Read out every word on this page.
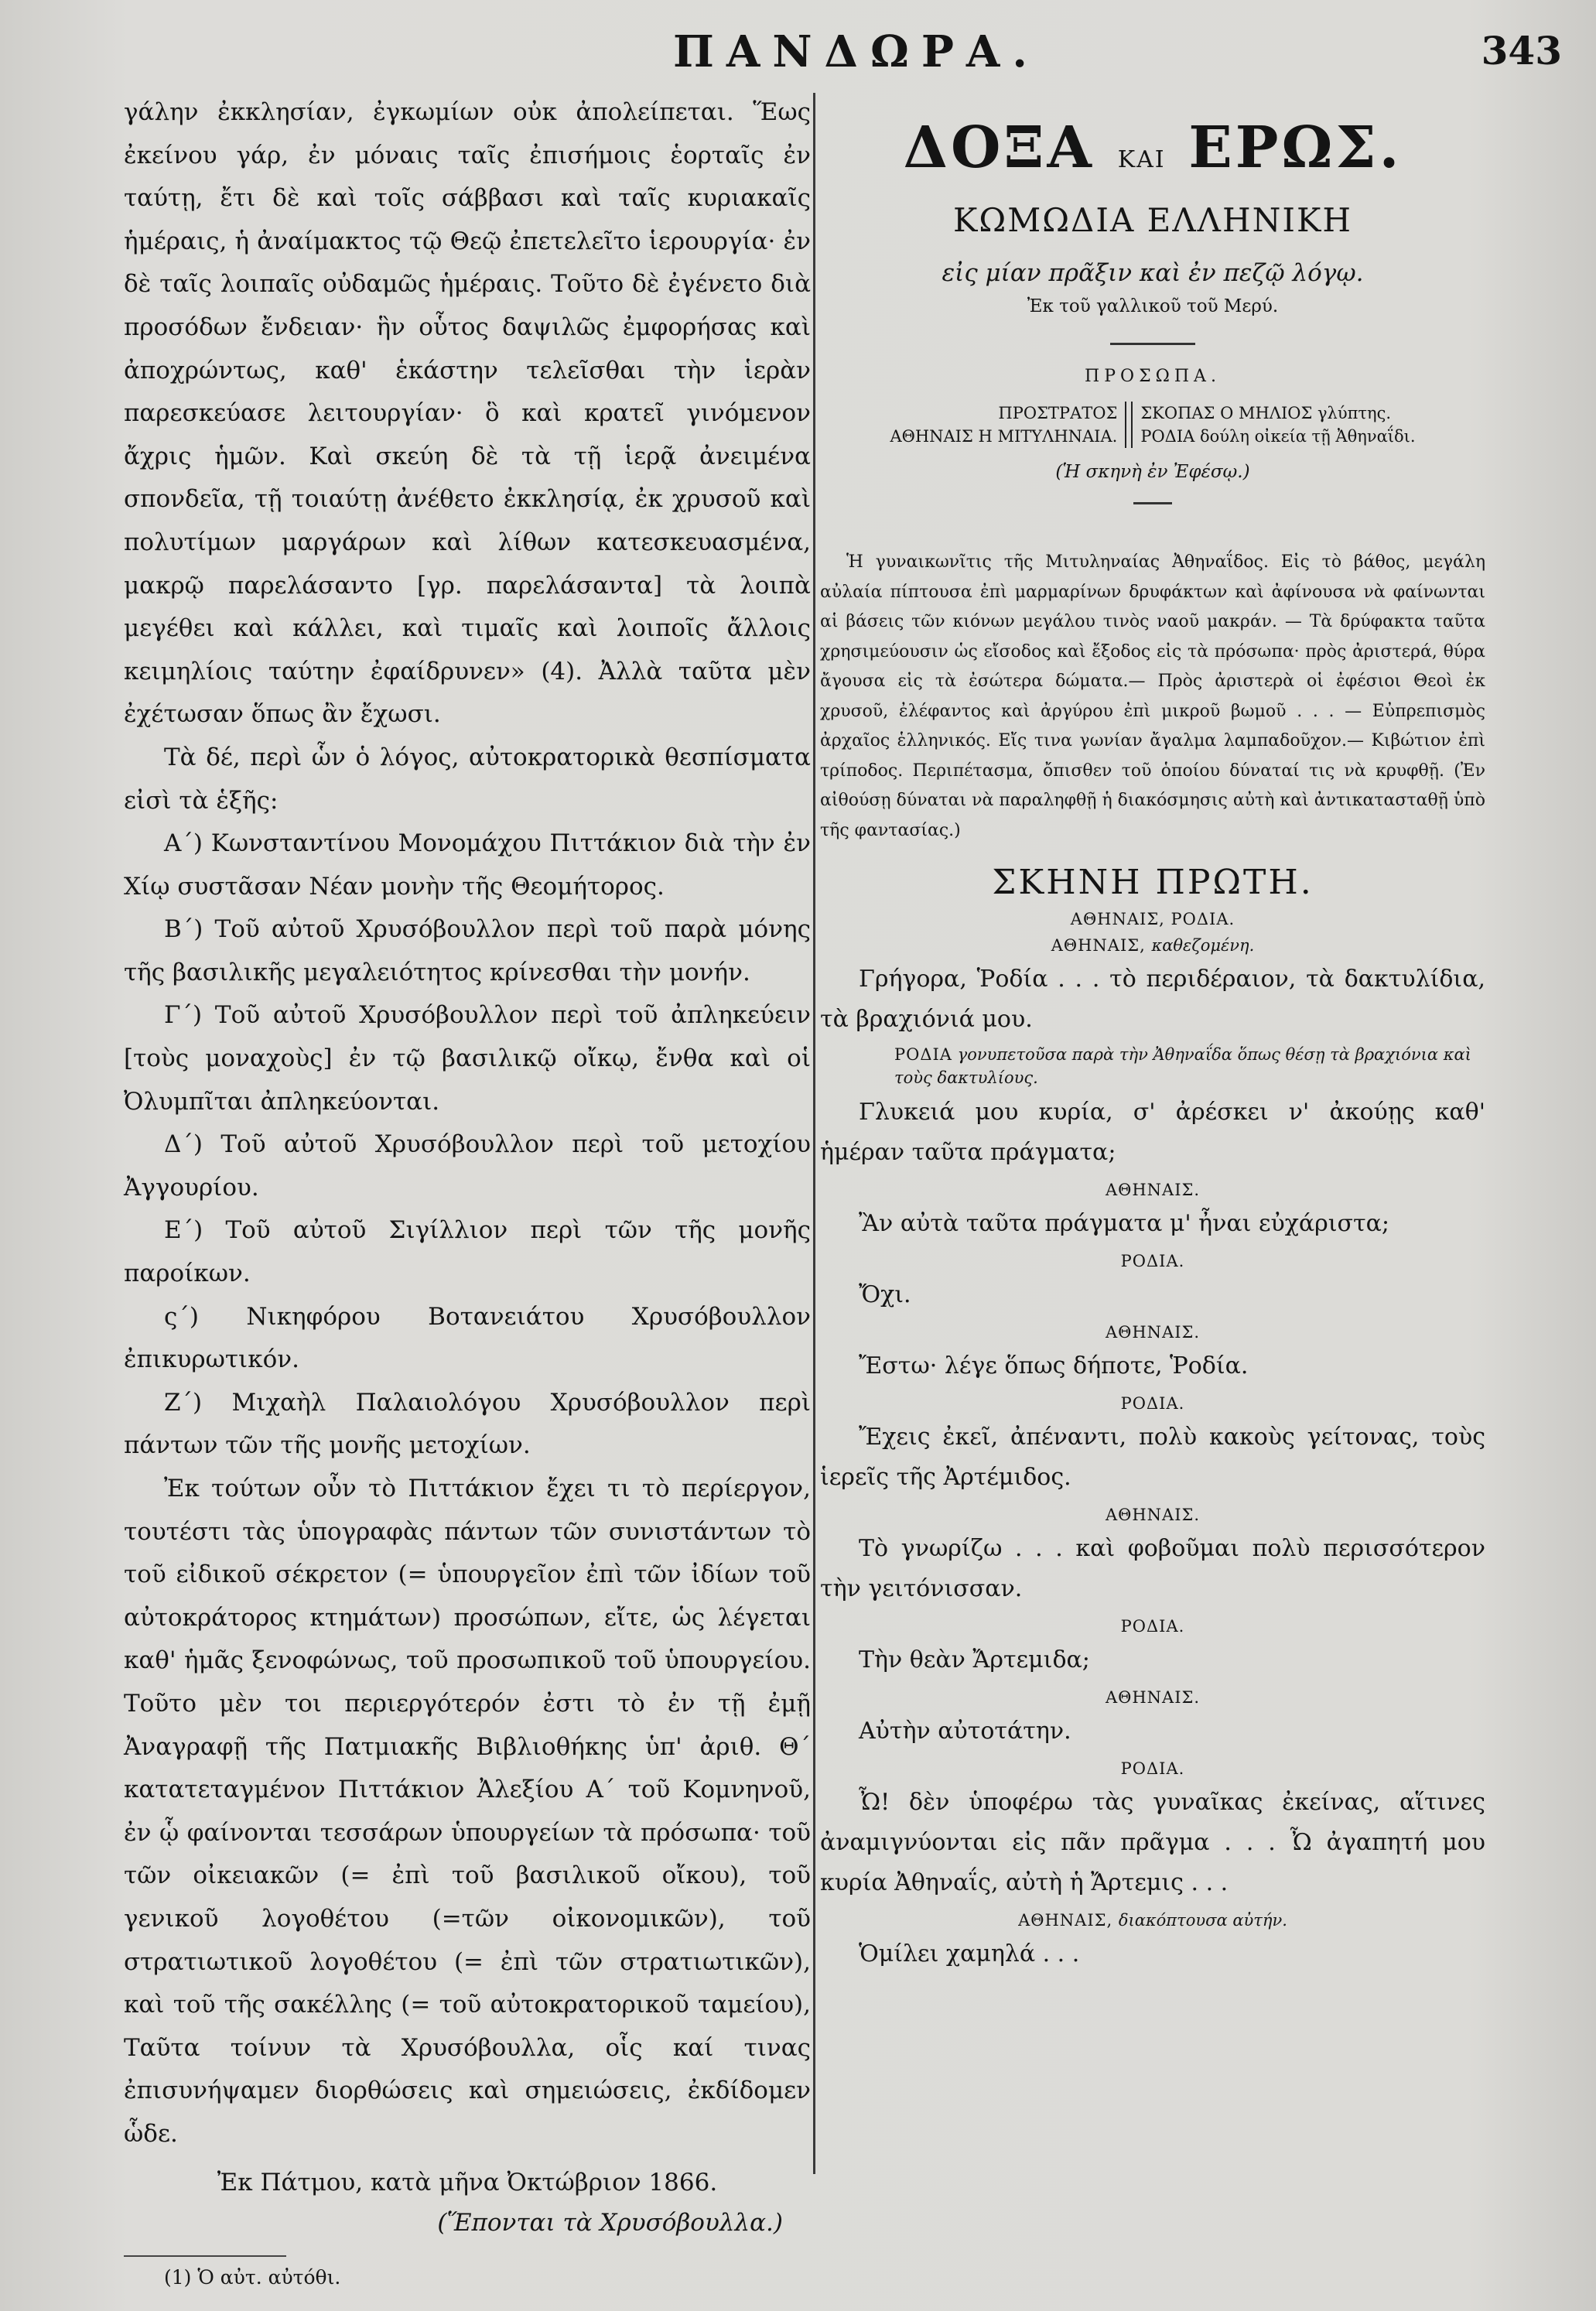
ΠΑΝΔΩΡΑ.	343

γάλην ἐκκλησίαν, ἐγκωμίων οὐκ ἀπολείπεται. Ἕως ἐκείνου γάρ, ἐν μόναις ταῖς ἐπισήμοις ἑορταῖς ἐν ταύτῃ, ἔτι δὲ καὶ τοῖς σάββασι καὶ ταῖς κυριακαῖς ἡμέραις, ἡ ἀναίμακτος τῷ Θεῷ ἐπετελεῖτο ἱερουργία· ἐν δὲ ταῖς λοιπαῖς οὐδαμῶς ἡμέραις. Τοῦτο δὲ ἐγένετο διὰ προσόδων ἔνδειαν· ἣν οὗτος δαψιλῶς ἐμφορήσας καὶ ἀποχρώντως, καθ' ἑκάστην τελεῖσθαι τὴν ἱερὰν παρεσκεύασε λειτουργίαν· ὃ καὶ κρατεῖ γινόμενον ἄχρις ἡμῶν. Καὶ σκεύη δὲ τὰ τῇ ἱερᾷ ἀνειμένα σπονδεῖα, τῇ τοιαύτῃ ἀνέθετο ἐκκλησίᾳ, ἐκ χρυσοῦ καὶ πολυτίμων μαργάρων καὶ λίθων κατεσκευασμένα, μακρῷ παρελάσαντο [γρ. παρελάσαντα] τὰ λοιπὰ μεγέθει καὶ κάλλει, καὶ τιμαῖς καὶ λοιποῖς ἄλλοις κειμηλίοις ταύτην ἐφαίδρυνεν» (4). Ἀλλὰ ταῦτα μὲν ἐχέτωσαν ὅπως ἂν ἔχωσι.

Τὰ δέ, περὶ ὧν ὁ λόγος, αὐτοκρατορικὰ θεσπίσματα εἰσὶ τὰ ἑξῆς:

Α΄) Κωνσταντίνου Μονομάχου Πιττάκιον διὰ τὴν ἐν Χίῳ συστᾶσαν Νέαν μονὴν τῆς Θεομήτορος.

Β΄) Τοῦ αὐτοῦ Χρυσόβουλλον περὶ τοῦ παρὰ μόνης τῆς βασιλικῆς μεγαλειότητος κρίνεσθαι τὴν μονήν.

Γ΄) Τοῦ αὐτοῦ Χρυσόβουλλον περὶ τοῦ ἀπληκεύειν [τοὺς μοναχοὺς] ἐν τῷ βασιλικῷ οἴκῳ, ἔνθα καὶ οἱ Ὀλυμπῖται ἀπληκεύονται.

Δ΄) Τοῦ αὐτοῦ Χρυσόβουλλον περὶ τοῦ μετοχίου Ἀγγουρίου.

Ε΄) Τοῦ αὐτοῦ Σιγίλλιον περὶ τῶν τῆς μονῆς παροίκων.

ς΄) Νικηφόρου Βοτανειάτου Χρυσόβουλλον ἐπικυρωτικόν.

Ζ΄) Μιχαὴλ Παλαιολόγου Χρυσόβουλλον περὶ πάντων τῶν τῆς μονῆς μετοχίων.

Ἐκ τούτων οὖν τὸ Πιττάκιον ἔχει τι τὸ περίεργον, τουτέστι τὰς ὑπογραφὰς πάντων τῶν συνιστάντων τὸ τοῦ εἰδικοῦ σέκρετον (= ὑπουργεῖον ἐπὶ τῶν ἰδίων τοῦ αὐτοκράτορος κτημάτων) προσώπων, εἴτε, ὡς λέγεται καθ' ἡμᾶς ξενοφώνως, τοῦ προσωπικοῦ τοῦ ὑπουργείου. Τοῦτο μὲν τοι περιεργότερόν ἐστι τὸ ἐν τῇ ἐμῇ Ἀναγραφῇ τῆς Πατμιακῆς Βιβλιοθήκης ὑπ' ἀριθ. Θ΄ κατατεταγμένον Πιττάκιον Ἀλεξίου Α΄ τοῦ Κομνηνοῦ, ἐν ᾧ φαίνονται τεσσάρων ὑπουργείων τὰ πρόσωπα· τοῦ τῶν οἰκειακῶν (= ἐπὶ τοῦ βασιλικοῦ οἴκου), τοῦ γενικοῦ λογοθέτου (=τῶν οἰκονομικῶν), τοῦ στρατιωτικοῦ λογοθέτου (= ἐπὶ τῶν στρατιωτικῶν), καὶ τοῦ τῆς σακέλλης (= τοῦ αὐτοκρατορικοῦ ταμείου), Ταῦτα τοίνυν τὰ Χρυσόβουλλα, οἷς καί τινας ἐπισυνήψαμεν διορθώσεις καὶ σημειώσεις, ἐκδίδομεν ὧδε.

Ἐκ Πάτμου, κατὰ μῆνα Ὀκτώβριον 1866.
(Ἕπονται τὰ Χρυσόβουλλα.)
(1) Ὁ αὐτ. αὐτόθι.
ΔΟΞΑ ΚΑΙ ΕΡΩΣ.
ΚΩΜΩΔΙΑ ΕΛΛΗΝΙΚΗ
εἰς μίαν πρᾶξιν καὶ ἐν πεζῷ λόγῳ.
Ἐκ τοῦ γαλλικοῦ τοῦ Μερύ.
ΠΡΟΣΩΠΑ.
ΠΡΟΣΤΡΑΤΟΣ
ΑΘΗΝΑΙΣ Η ΜΙΤΥΛΗΝΑΙΑ.
ΣΚΟΠΑΣ Ο ΜΗΛΙΟΣ γλύπτης.
ΡΟΔΙΑ δούλη οἰκεία τῇ Ἀθηναΐδι.
(Ἡ σκηνὴ ἐν Ἐφέσῳ.)
Ἡ γυναικωνῖτις τῆς Μιτυληναίας Ἀθηναΐδος. Εἰς τὸ βάθος, μεγάλη αὐλαία πίπτουσα ἐπὶ μαρμαρίνων δρυφάκτων καὶ ἀφίνουσα νὰ φαίνωνται αἱ βάσεις τῶν κιόνων μεγάλου τινὸς ναοῦ μακράν. — Τὰ δρύφακτα ταῦτα χρησιμεύουσιν ὡς εἴσοδος καὶ ἔξοδος εἰς τὰ πρόσωπα· πρὸς ἀριστερά, θύρα ἄγουσα εἰς τὰ ἐσώτερα δώματα.— Πρὸς ἀριστερὰ οἱ ἐφέσιοι Θεοὶ ἐκ χρυσοῦ, ἐλέφαντος καὶ ἀργύρου ἐπὶ μικροῦ βωμοῦ . . . — Εὐπρεπισμὸς ἀρχαῖος ἑλληνικός. Εἴς τινα γωνίαν ἄγαλμα λαμπαδοῦχον.— Κιβώτιον ἐπὶ τρίποδος. Περιπέτασμα, ὄπισθεν τοῦ ὁποίου δύναταί τις νὰ κρυφθῇ. (Ἐν αἰθούσῃ δύναται νὰ παραληφθῇ ἡ διακόσμησις αὐτὴ καὶ ἀντικατασταθῇ ὑπὸ τῆς φαντασίας.)
ΣΚΗΝΗ ΠΡΩΤΗ.
ΑΘΗΝΑΙΣ, ΡΟΔΙΑ.
ΑΘΗΝΑΙΣ, καθεζομένη.

Γρήγορα, Ῥοδία . . . τὸ περιδέραιον, τὰ δακτυλίδια, τὰ βραχιόνιά μου.

ΡΟΔΙΑ γονυπετοῦσα παρὰ τὴν Ἀθηναΐδα ὅπως θέσῃ τὰ βραχιόνια καὶ τοὺς δακτυλίους.

Γλυκειά μου κυρία, σ' ἀρέσκει ν' ἀκούῃς καθ' ἡμέραν ταῦτα πράγματα;

ΑΘΗΝΑΙΣ.

Ἂν αὐτὰ ταῦτα πράγματα μ' ἦναι εὐχάριστα;

ΡΟΔΙΑ.

Ὄχι.

ΑΘΗΝΑΙΣ.

Ἔστω· λέγε ὅπως δήποτε, Ῥοδία.

ΡΟΔΙΑ.

Ἔχεις ἐκεῖ, ἀπέναντι, πολὺ κακοὺς γείτονας, τοὺς ἱερεῖς τῆς Ἀρτέμιδος.

ΑΘΗΝΑΙΣ.

Τὸ γνωρίζω . . . καὶ φοβοῦμαι πολὺ περισσότερον τὴν γειτόνισσαν.

ΡΟΔΙΑ.

Τὴν θεὰν Ἄρτεμιδα;

ΑΘΗΝΑΙΣ.

Αὐτὴν αὐτοτάτην.

ΡΟΔΙΑ.

Ὦ! δὲν ὑποφέρω τὰς γυναῖκας ἐκείνας, αἵτινες ἀναμιγνύονται εἰς πᾶν πρᾶγμα . . . Ὦ ἀγαπητή μου κυρία Ἀθηναΐς, αὐτὴ ἡ Ἄρτεμις . . .

ΑΘΗΝΑΙΣ, διακόπτουσα αὐτήν.

Ὁμίλει χαμηλά . . .
